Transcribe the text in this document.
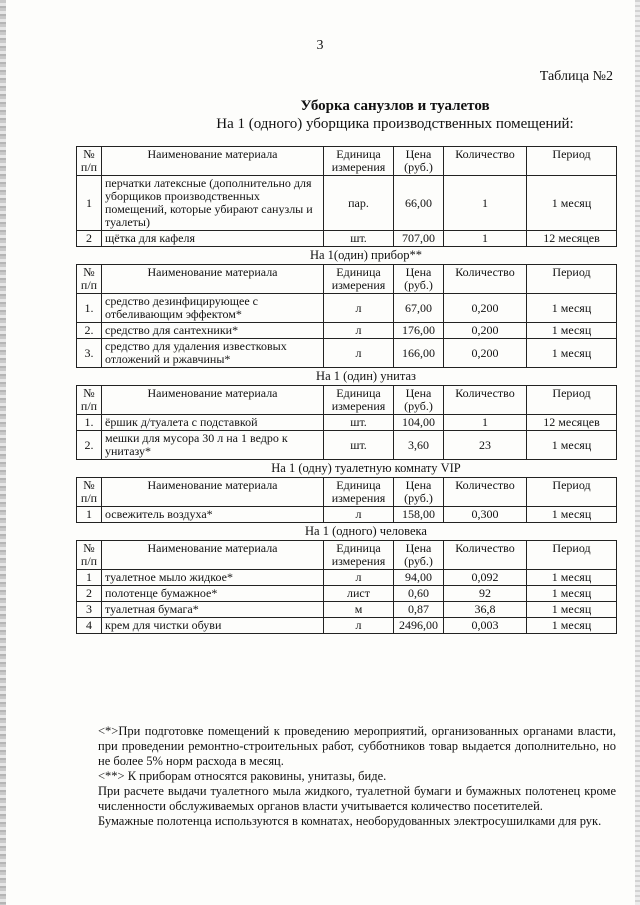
3
Таблица №2
Уборка санузлов и туалетов
На 1 (одного) уборщика производственных помещений:
№ п/п	Наименование материала	Единица измерения	Цена (руб.)	Количество	Период
1	перчатки латексные (дополнительно для уборщиков производственных помещений, которые убирают санузлы и туалеты)	пар.	66,00	1	1 месяц
2	щётка для кафеля	шт.	707,00	1	12 месяцев
На 1(один) прибор**
№ п/п	Наименование материала	Единица измерения	Цена (руб.)	Количество	Период
1.	средство дезинфицирующее с отбеливающим эффектом*	л	67,00	0,200	1 месяц
2.	средство для сантехники*	л	176,00	0,200	1 месяц
3.	средство для удаления известковых отложений и ржавчины*	л	166,00	0,200	1 месяц
На 1 (один) унитаз
№ п/п	Наименование материала	Единица измерения	Цена (руб.)	Количество	Период
1.	ёршик д/туалета с подставкой	шт.	104,00	1	12 месяцев
2.	мешки для мусора 30 л на 1 ведро к унитазу*	шт.	3,60	23	1 месяц
На 1 (одну) туалетную комнату VIP
№ п/п	Наименование материала	Единица измерения	Цена (руб.)	Количество	Период
1	освежитель воздуха*	л	158,00	0,300	1 месяц
На 1 (одного) человека
№ п/п	Наименование материала	Единица измерения	Цена (руб.)	Количество	Период
1	туалетное мыло жидкое*	л	94,00	0,092	1 месяц
2	полотенце бумажное*	лист	0,60	92	1 месяц
3	туалетная бумага*	м	0,87	36,8	1 месяц
4	крем для чистки обуви	л	2496,00	0,003	1 месяц

<*>При подготовке помещений к проведению мероприятий, организованных органами власти, при проведении ремонтно-строительных работ, субботников товар выдается дополнительно, но не более 5% норм расхода в месяц.

<**> К приборам относятся раковины, унитазы, биде.

При расчете выдачи туалетного мыла жидкого, туалетной бумаги и бумажных полотенец кроме численности обслуживаемых органов власти учитывается количество посетителей.

Бумажные полотенца используются в комнатах, необорудованных электросушилками для рук.
